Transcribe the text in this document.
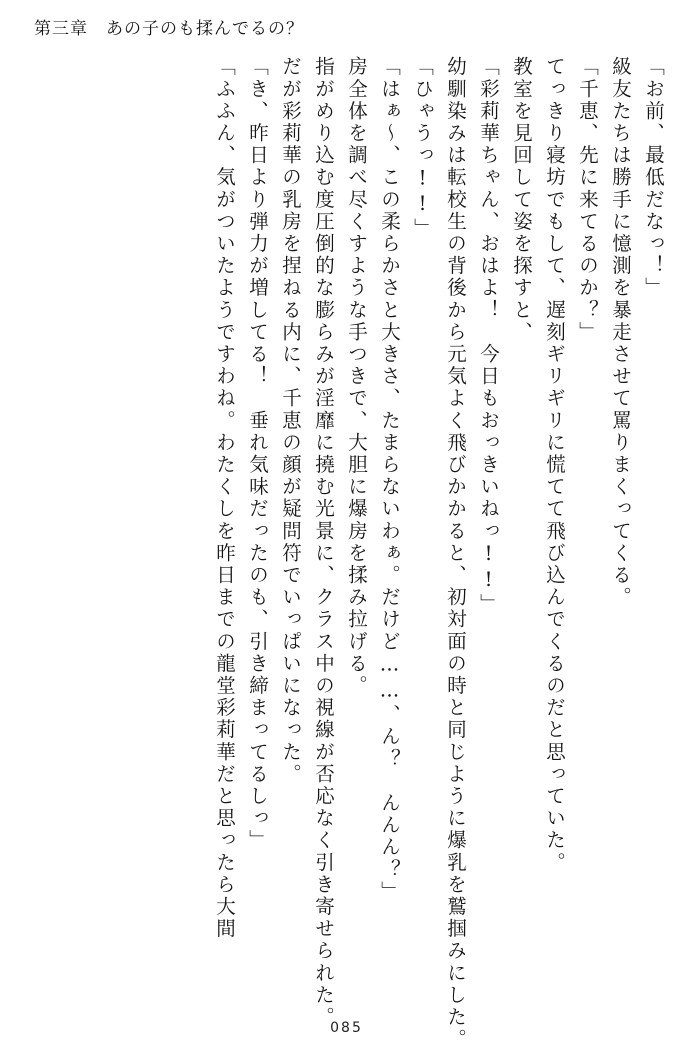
第三章 あの子のも揉んでるの？
「お前、最低だなっ！」
級友たちは勝手に憶測を暴走させて罵りまくってくる。
「千恵、先に来てるのか？」
てっきり寝坊でもして、遅刻ギリギリに慌てて飛び込んでくるのだと思っていた。
教室を見回して姿を探すと、
「彩莉華ちゃん、おはよ！　今日もおっきいねっ!!」
幼馴染みは転校生の背後から元気よく飛びかかると、初対面の時と同じように爆乳を鷲掴みにした。
「ひゃうっ!!」
「はぁ～、この柔らかさと大きさ、たまらないわぁ。だけど……、ん？　んんん？」
房全体を調べ尽くすような手つきで、大胆に爆房を揉み拉げる。
指がめり込む度圧倒的な膨らみが淫靡に撓む光景に、クラス中の視線が否応なく引き寄せられた。
だが彩莉華の乳房を捏ねる内に、千恵の顔が疑問符でいっぱいになった。
「き、昨日より弾力が増してる！　垂れ気味だったのも、引き締まってるしっ」
「ふふん、気がついたようですわね。わたくしを昨日までの龍堂彩莉華だと思ったら大間
085
